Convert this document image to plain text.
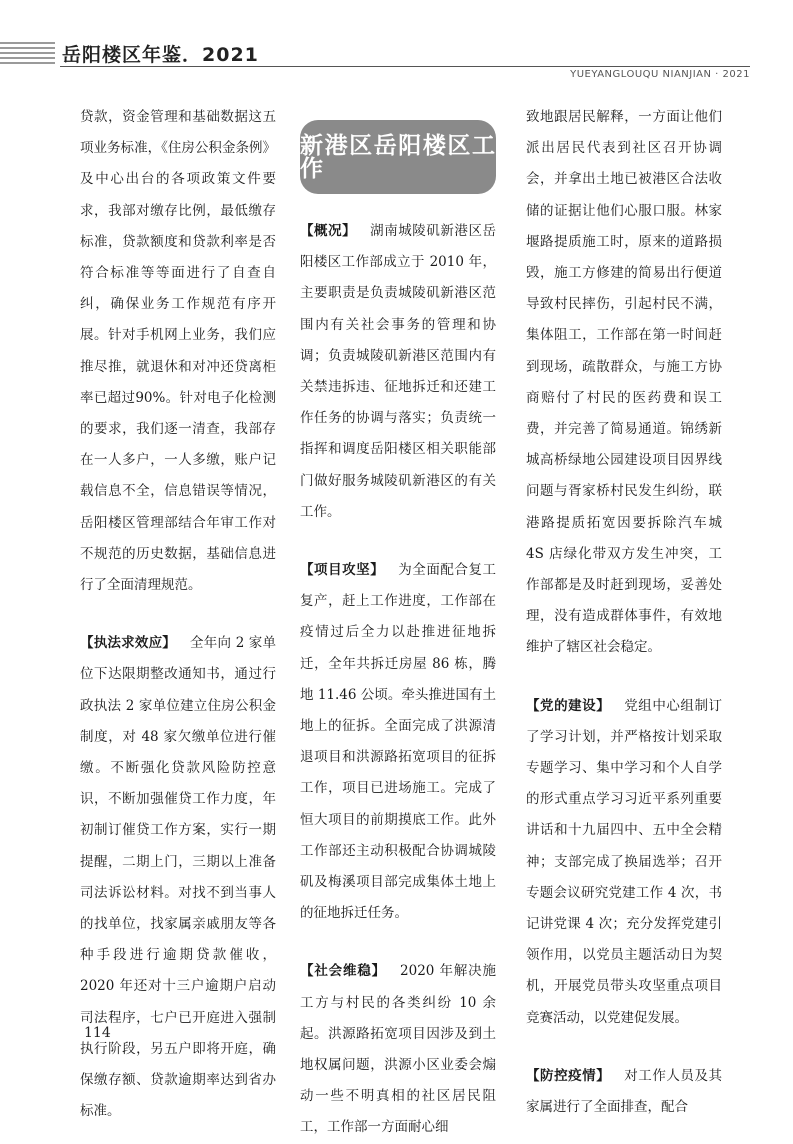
岳阳楼区年鉴．2021
YUEYANGLOUQU NIANJIAN · 2021

贷款，资金管理和基础数据这五项业务标准，《住房公积金条例》及中心出台的各项政策文件要求，我部对缴存比例，最低缴存标准，贷款额度和贷款利率是否符合标准等等面进行了自查自纠，确保业务工作规范有序开展。针对手机网上业务，我们应推尽推，就退休和对冲还贷离柜率已超过90%。针对电子化检测的要求，我们逐一清查，我部存在一人多户，一人多缴，账户记载信息不全，信息错误等情况，岳阳楼区管理部结合年审工作对不规范的历史数据，基础信息进行了全面清理规范。

【执法求效应】 全年向 2 家单位下达限期整改通知书，通过行政执法 2 家单位建立住房公积金制度，对 48 家欠缴单位进行催缴。不断强化贷款风险防控意识，不断加强催贷工作力度，年初制订催贷工作方案，实行一期提醒，二期上门，三期以上准备司法诉讼材料。对找不到当事人的找单位，找家属亲戚朋友等各种手段进行逾期贷款催收，2020 年还对十三户逾期户启动司法程序，七户已开庭进入强制执行阶段，另五户即将开庭，确保缴存额、贷款逾期率达到省办标准。

新港区岳阳楼区工作

【概况】 湖南城陵矶新港区岳阳楼区工作部成立于 2010 年，主要职责是负责城陵矶新港区范围内有关社会事务的管理和协调；负责城陵矶新港区范围内有关禁违拆违、征地拆迁和还建工作任务的协调与落实；负责统一指挥和调度岳阳楼区相关职能部门做好服务城陵矶新港区的有关工作。

【项目攻坚】 为全面配合复工复产，赶上工作进度，工作部在疫情过后全力以赴推进征地拆迁，全年共拆迁房屋 86 栋，腾地 11.46 公顷。牵头推进国有土地上的征拆。全面完成了洪源清退项目和洪源路拓宽项目的征拆工作，项目已进场施工。完成了恒大项目的前期摸底工作。此外工作部还主动积极配合协调城陵矶及梅溪项目部完成集体土地上的征地拆迁任务。

【社会维稳】 2020 年解决施工方与村民的各类纠纷 10 余起。洪源路拓宽项目因涉及到土地权属问题，洪源小区业委会煽动一些不明真相的社区居民阻工，工作部一方面耐心细

致地跟居民解释，一方面让他们派出居民代表到社区召开协调会，并拿出土地已被港区合法收储的证据让他们心服口服。林家堰路提质施工时，原来的道路损毁，施工方修建的简易出行便道导致村民摔伤，引起村民不满，集体阻工，工作部在第一时间赶到现场，疏散群众，与施工方协商赔付了村民的医药费和误工费，并完善了简易通道。锦绣新城高桥绿地公园建设项目因界线问题与胥家桥村民发生纠纷，联港路提质拓宽因要拆除汽车城 4S 店绿化带双方发生冲突，工作部都是及时赶到现场，妥善处理，没有造成群体事件，有效地维护了辖区社会稳定。

【党的建设】 党组中心组制订了学习计划，并严格按计划采取专题学习、集中学习和个人自学的形式重点学习习近平系列重要讲话和十九届四中、五中全会精神；支部完成了换届选举；召开专题会议研究党建工作 4 次，书记讲党课 4 次；充分发挥党建引领作用，以党员主题活动日为契机，开展党员带头攻坚重点项目竞赛活动，以党建促发展。

【防控疫情】 对工作人员及其家属进行了全面排查，配合

114
